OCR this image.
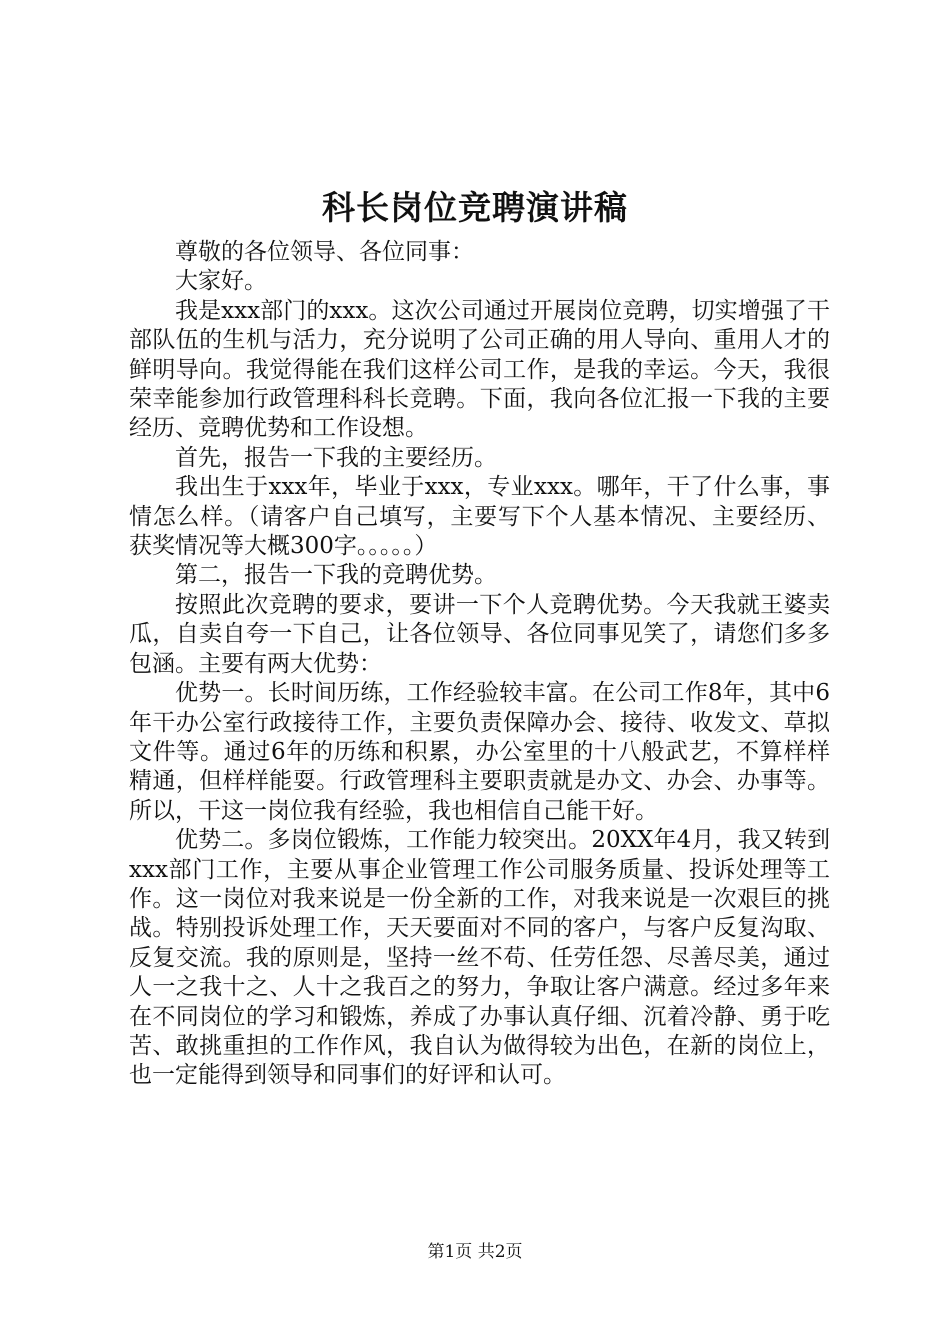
科长岗位竞聘演讲稿

尊敬的各位领导、各位同事：

大家好。

我是xxx部门的xxx。这次公司通过开展岗位竞聘，切实增强了干部队伍的生机与活力，充分说明了公司正确的用人导向、重用人才的鲜明导向。我觉得能在我们这样公司工作，是我的幸运。今天，我很荣幸能参加行政管理科科长竞聘。下面，我向各位汇报一下我的主要经历、竞聘优势和工作设想。

首先，报告一下我的主要经历。

我出生于xxx年，毕业于xxx，专业xxx。哪年，干了什么事，事情怎么样。（请客户自己填写，主要写下个人基本情况、主要经历、获奖情况等大概300字。。。。。）

第二，报告一下我的竞聘优势。

按照此次竞聘的要求，要讲一下个人竞聘优势。今天我就王婆卖瓜，自卖自夸一下自己，让各位领导、各位同事见笑了，请您们多多包涵。主要有两大优势：

优势一。长时间历练，工作经验较丰富。在公司工作8年，其中6年干办公室行政接待工作，主要负责保障办会、接待、收发文、草拟文件等。通过6年的历练和积累，办公室里的十八般武艺，不算样样精通，但样样能耍。行政管理科主要职责就是办文、办会、办事等。所以，干这一岗位我有经验，我也相信自己能干好。

优势二。多岗位锻炼，工作能力较突出。20XX年4月，我又转到xxx部门工作，主要从事企业管理工作公司服务质量、投诉处理等工作。这一岗位对我来说是一份全新的工作，对我来说是一次艰巨的挑战。特别投诉处理工作，天天要面对不同的客户，与客户反复沟取、反复交流。我的原则是，坚持一丝不苟、任劳任怨、尽善尽美，通过人一之我十之、人十之我百之的努力，争取让客户满意。经过多年来在不同岗位的学习和锻炼，养成了办事认真仔细、沉着冷静、勇于吃苦、敢挑重担的工作作风，我自认为做得较为出色，在新的岗位上，也一定能得到领导和同事们的好评和认可。

第1页 共2页
